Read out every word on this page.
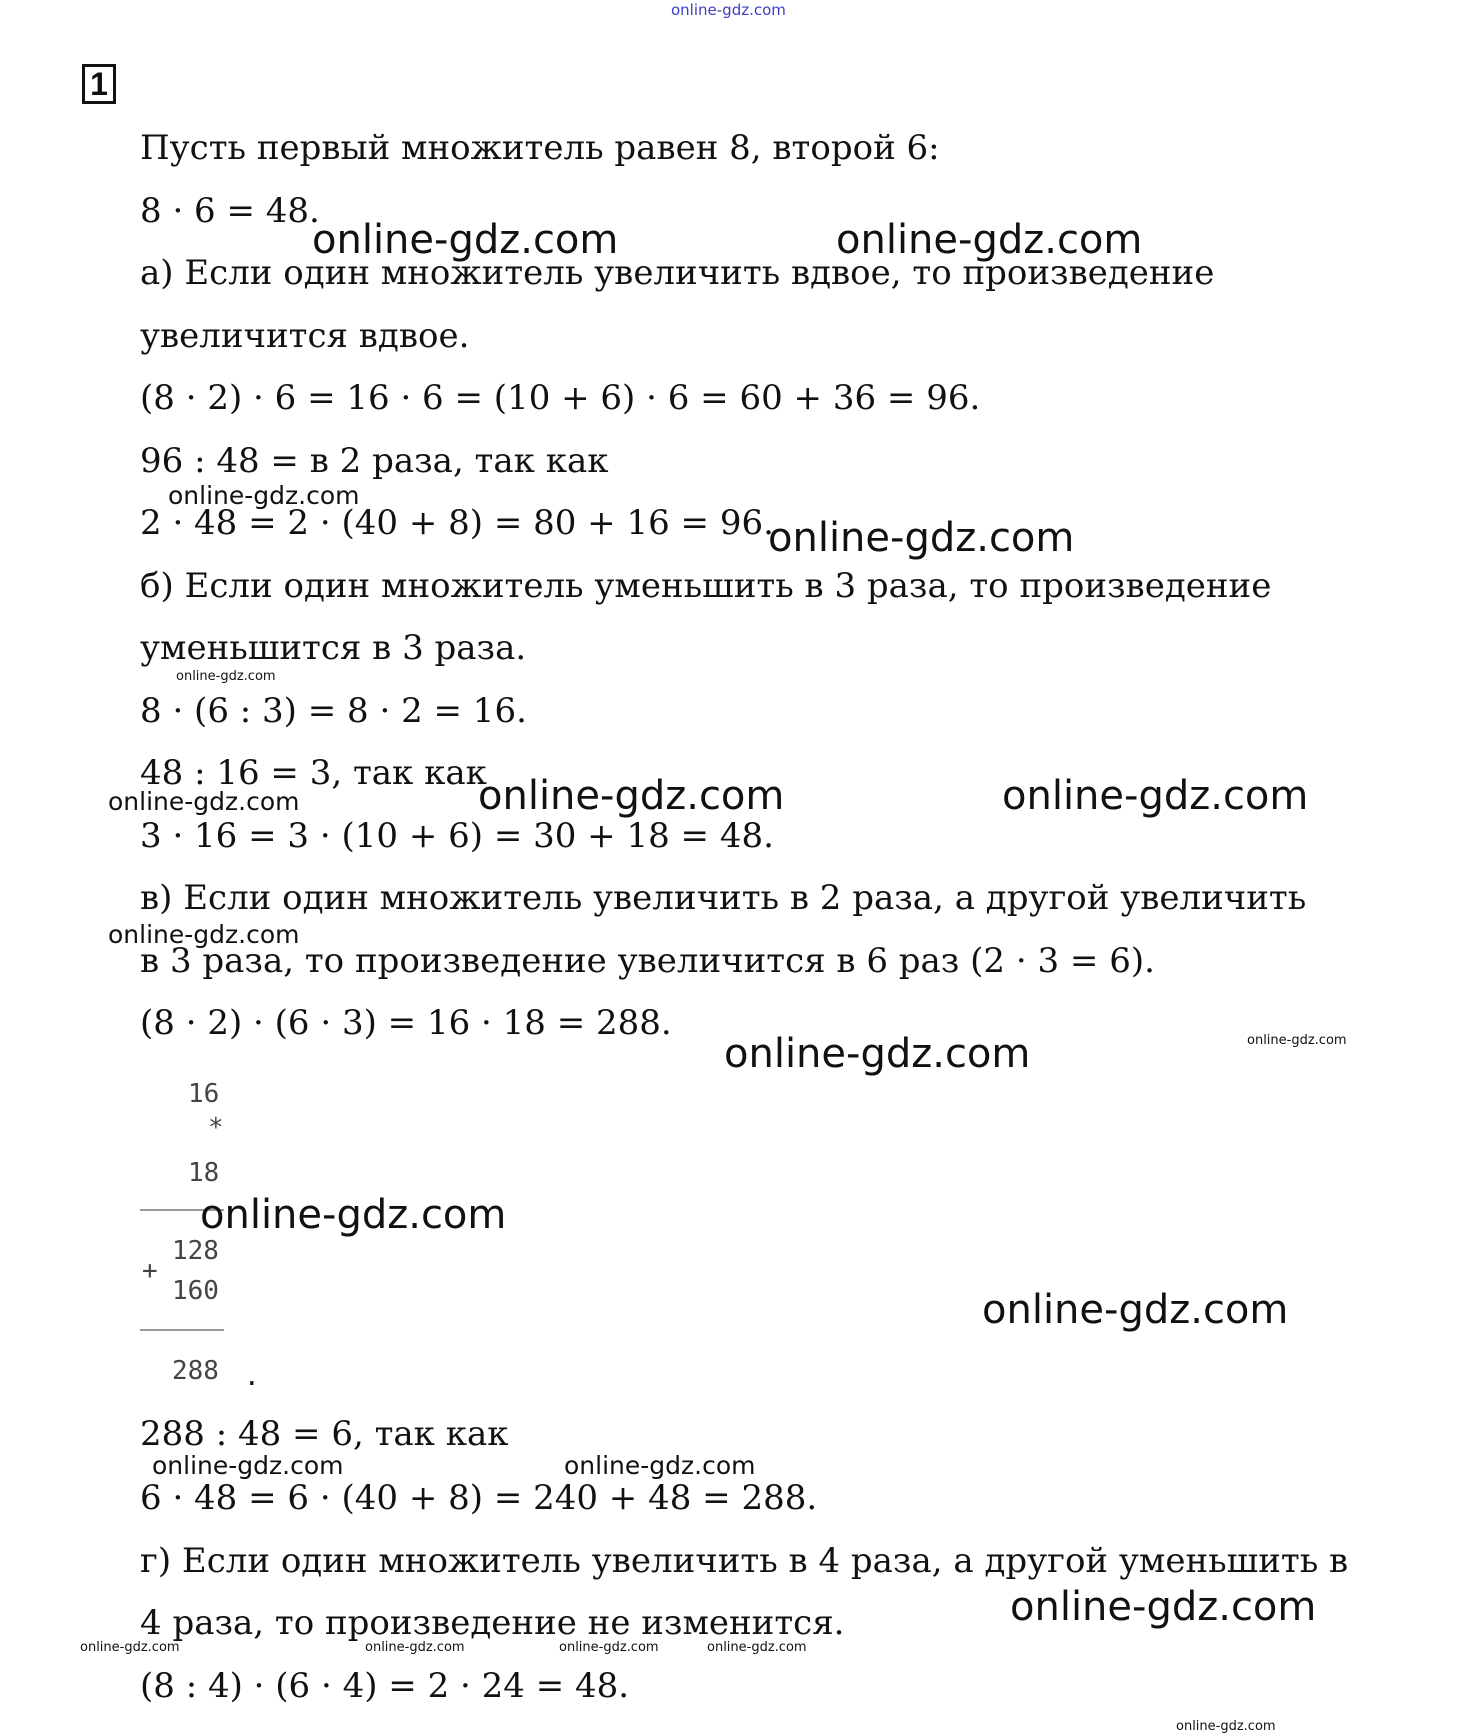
online-gdz.com
1
Пусть первый множитель равен 8, второй 6:
8 · 6 = 48.
а) Если один множитель увеличить вдвое, то произведение
увеличится вдвое.
(8 · 2) · 6 = 16 · 6 = (10 + 6) · 6 = 60 + 36 = 96.
96 : 48 = в 2 раза, так как
2 · 48 = 2 · (40 + 8) = 80 + 16 = 96.
б) Если один множитель уменьшить в 3 раза, то произведение
уменьшится в 3 раза.
8 · (6 : 3) = 8 · 2 = 16.
48 : 16 = 3, так как
3 · 16 = 3 · (10 + 6) = 30 + 18 = 48.
в) Если один множитель увеличить в 2 раза, а другой увеличить
в 3 раза, то произведение увеличится в 6 раз (2 · 3 = 6).
(8 · 2) · (6 · 3) = 16 · 18 = 288.
288 : 48 = 6, так как
6 · 48 = 6 · (40 + 8) = 240 + 48 = 288.
г) Если один множитель увеличить в 4 раза, а другой уменьшить в
4 раза, то произведение не изменится.
(8 : 4) · (6 · 4) = 2 · 24 = 48.
16
*
18
128
+
160
288 .
online-gdz.com	online-gdz.com
online-gdz.com
online-gdz.com
online-gdz.com
online-gdz.com	online-gdz.com	online-gdz.com
online-gdz.com
online-gdz.com
online-gdz.com
online-gdz.com
online-gdz.com
online-gdz.com	online-gdz.com
online-gdz.com
online-gdz.com	online-gdz.com	online-gdz.com	online-gdz.com
online-gdz.com
